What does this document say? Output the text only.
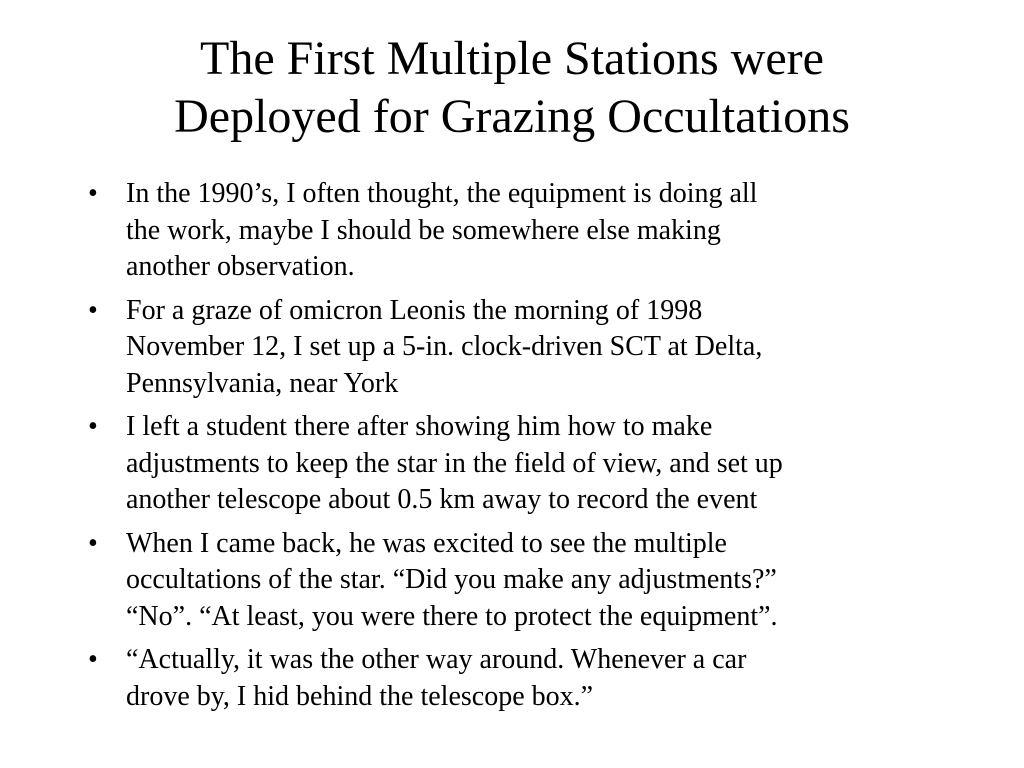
The First Multiple Stations were
Deployed for Grazing Occultations
•	In the 1990’s, I often thought, the equipment is doing all
the work, maybe I should be somewhere else making
another observation.
•	For a graze of omicron Leonis the morning of 1998
November 12, I set up a 5-in. clock-driven SCT at Delta,
Pennsylvania, near York
•	I left a student there after showing him how to make
adjustments to keep the star in the field of view, and set up
another telescope about 0.5 km away to record the event
•	When I came back, he was excited to see the multiple
occultations of the star. “Did you make any adjustments?”
“No”. “At least, you were there to protect the equipment”.
•	“Actually, it was the other way around. Whenever a car
drove by, I hid behind the telescope box.”
